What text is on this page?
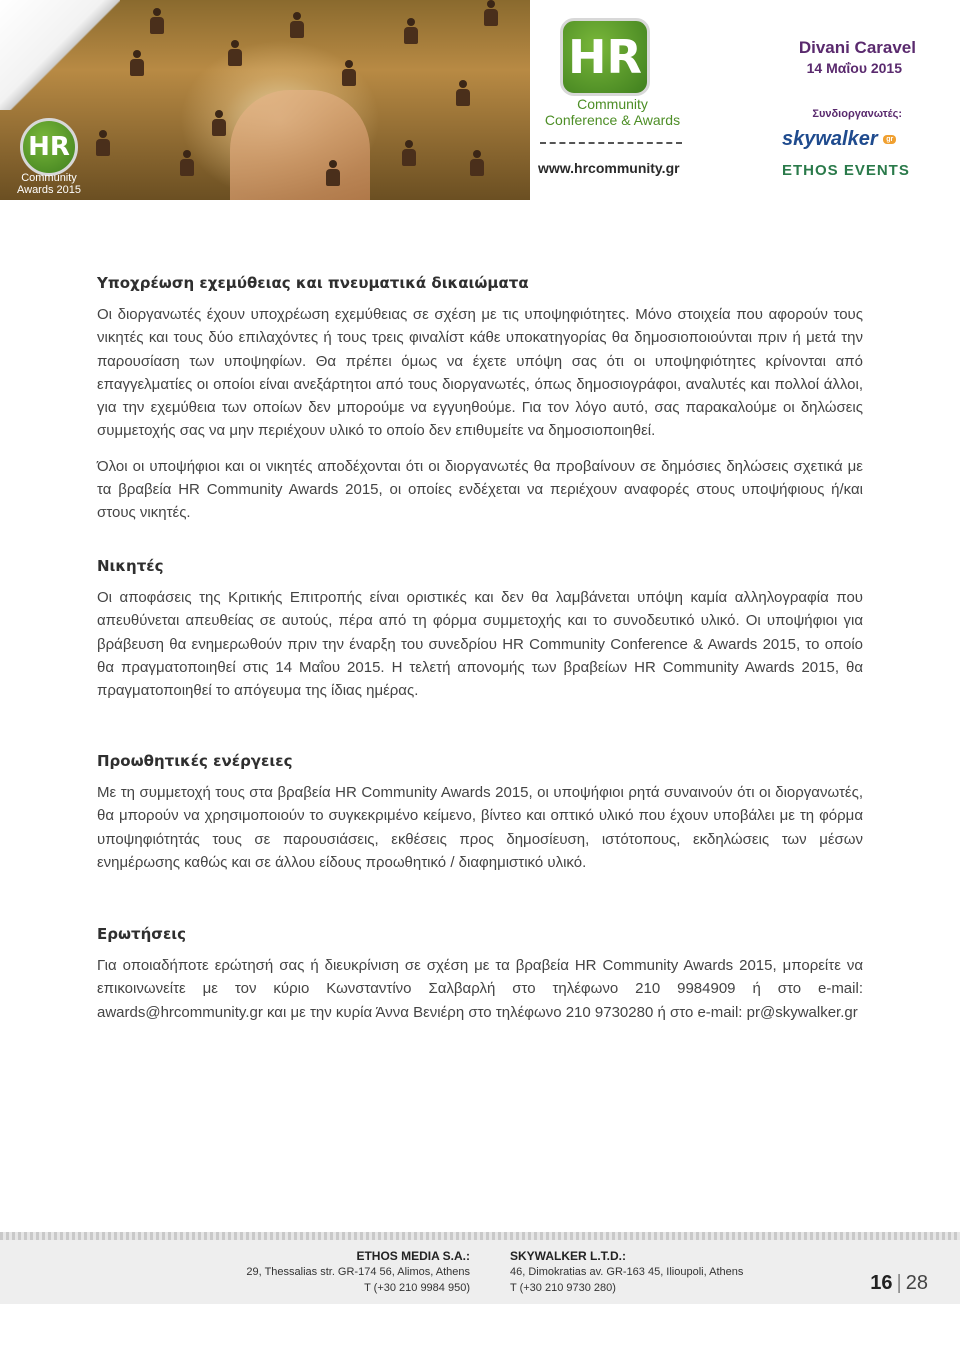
HR
Community
Awards 2015
HR
Community
Conference & Awards
www.hrcommunity.gr
Divani Caravel
14 Μαΐου 2015
Συνδιοργανωτές:
skywalker gr
ETHOS EVENTS
Υποχρέωση εχεμύθειας και πνευματικά δικαιώματα

Οι διοργανωτές έχουν υποχρέωση εχεμύθειας σε σχέση με τις υποψηφιότητες. Μόνο στοιχεία που αφορούν τους νικητές και τους δύο επιλαχόντες ή τους τρεις φιναλίστ κάθε υποκατηγορίας θα δημοσιοποιούνται πριν ή μετά την παρουσίαση των υποψηφίων. Θα πρέπει όμως να έχετε υπόψη σας ότι οι υποψηφιότητες κρίνονται από επαγγελματίες οι οποίοι είναι ανεξάρτητοι από τους διοργανωτές, όπως δημοσιογράφοι, αναλυτές και πολλοί άλλοι, για την εχεμύθεια των οποίων δεν μπορούμε να εγγυηθούμε. Για τον λόγο αυτό, σας παρακαλούμε οι δηλώσεις συμμετοχής σας να μην περιέχουν υλικό το οποίο δεν επιθυμείτε να δημοσιοποιηθεί.

Όλοι οι υποψήφιοι και οι νικητές αποδέχονται ότι οι διοργανωτές θα προβαίνουν σε δημόσιες δηλώσεις σχετικά με τα βραβεία HR Community Awards 2015, οι οποίες ενδέχεται να περιέχουν αναφορές στους υποψήφιους ή/και στους νικητές.

Νικητές

Οι αποφάσεις της Κριτικής Επιτροπής είναι οριστικές και δεν θα λαμβάνεται υπόψη καμία αλληλογραφία που απευθύνεται απευθείας σε αυτούς, πέρα από τη φόρμα συμμετοχής και το συνοδευτικό υλικό. Οι υποψήφιοι για βράβευση θα ενημερωθούν πριν την έναρξη του συνεδρίου HR Community Conference & Awards 2015, το οποίο θα πραγματοποιηθεί στις 14 Μαΐου 2015. Η τελετή απονομής των βραβείων HR Community Awards 2015, θα πραγματοποιηθεί το απόγευμα της ίδιας ημέρας.

Προωθητικές ενέργειες

Με τη συμμετοχή τους στα βραβεία HR Community Awards 2015, οι υποψήφιοι ρητά συναινούν ότι οι διοργανωτές, θα μπορούν να χρησιμοποιούν το συγκεκριμένο κείμενο, βίντεο και οπτικό υλικό που έχουν υποβάλει με τη φόρμα υποψηφιότητάς τους σε παρουσιάσεις, εκθέσεις προς δημοσίευση, ιστότοπους, εκδηλώσεις των μέσων ενημέρωσης καθώς και σε άλλου είδους προωθητικό / διαφημιστικό υλικό.

Ερωτήσεις

Για οποιαδήποτε ερώτησή σας ή διευκρίνιση σε σχέση με τα βραβεία HR Community Awards 2015, μπορείτε να επικοινωνείτε με τον κύριο Κωνσταντίνο Σαλβαρλή στο τηλέφωνο 210 9984909 ή στο e-mail: awards@hrcommunity.gr και με την κυρία Άννα Βενιέρη στο τηλέφωνο 210 9730280 ή στο e-mail: pr@skywalker.gr

ETHOS MEDIA S.A.:
29, Thessalias str. GR-174 56, Alimos, Athens
T (+30 210 9984 950)
SKYWALKER L.T.D.:
46, Dimokratias av. GR-163 45, Ilioupoli, Athens
T (+30 210 9730 280)	16 | 28
